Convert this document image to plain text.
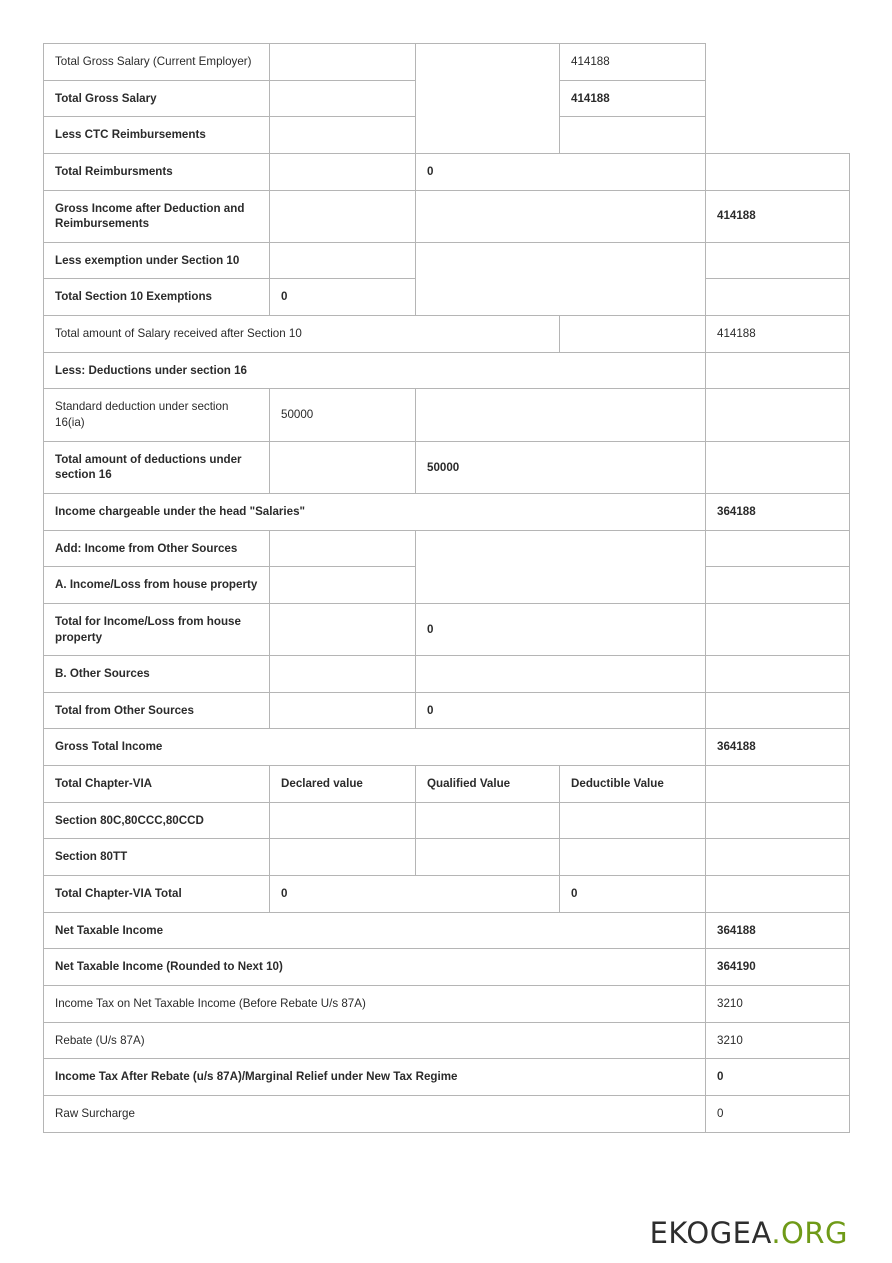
Total Gross Salary (Current Employer)			414188	
Total Gross Salary			414188	
Less CTC Reimbursements				
Total Reimbursments		0		
Gross Income after Deduction and Reimbursements				414188
Less exemption under Section 10				
Total Section 10 Exemptions	0			
Total amount of Salary received after Section 10				414188
Less: Deductions under section 16				
Standard deduction under section 16(ia)	50000			
Total amount of deductions under section 16		50000		
Income chargeable under the head "Salaries"				364188
Add: Income from Other Sources				
A. Income/Loss from house property				
Total for Income/Loss from house property		0		
B. Other Sources				
Total from Other Sources		0		
Gross Total Income				364188
Total Chapter-VIA	Declared value	Qualified Value	Deductible Value	
Section 80C,80CCC,80CCD				
Section 80TT				
Total Chapter-VIA Total	0		0	
Net Taxable Income				364188
Net Taxable Income (Rounded to Next 10)				364190
Income Tax on Net Taxable Income (Before Rebate U/s 87A)				3210
Rebate (U/s 87A)				3210
Income Tax After Rebate (u/s 87A)/Marginal Relief under New Tax Regime				0
Raw Surcharge				0
EKOGEA.ORG
